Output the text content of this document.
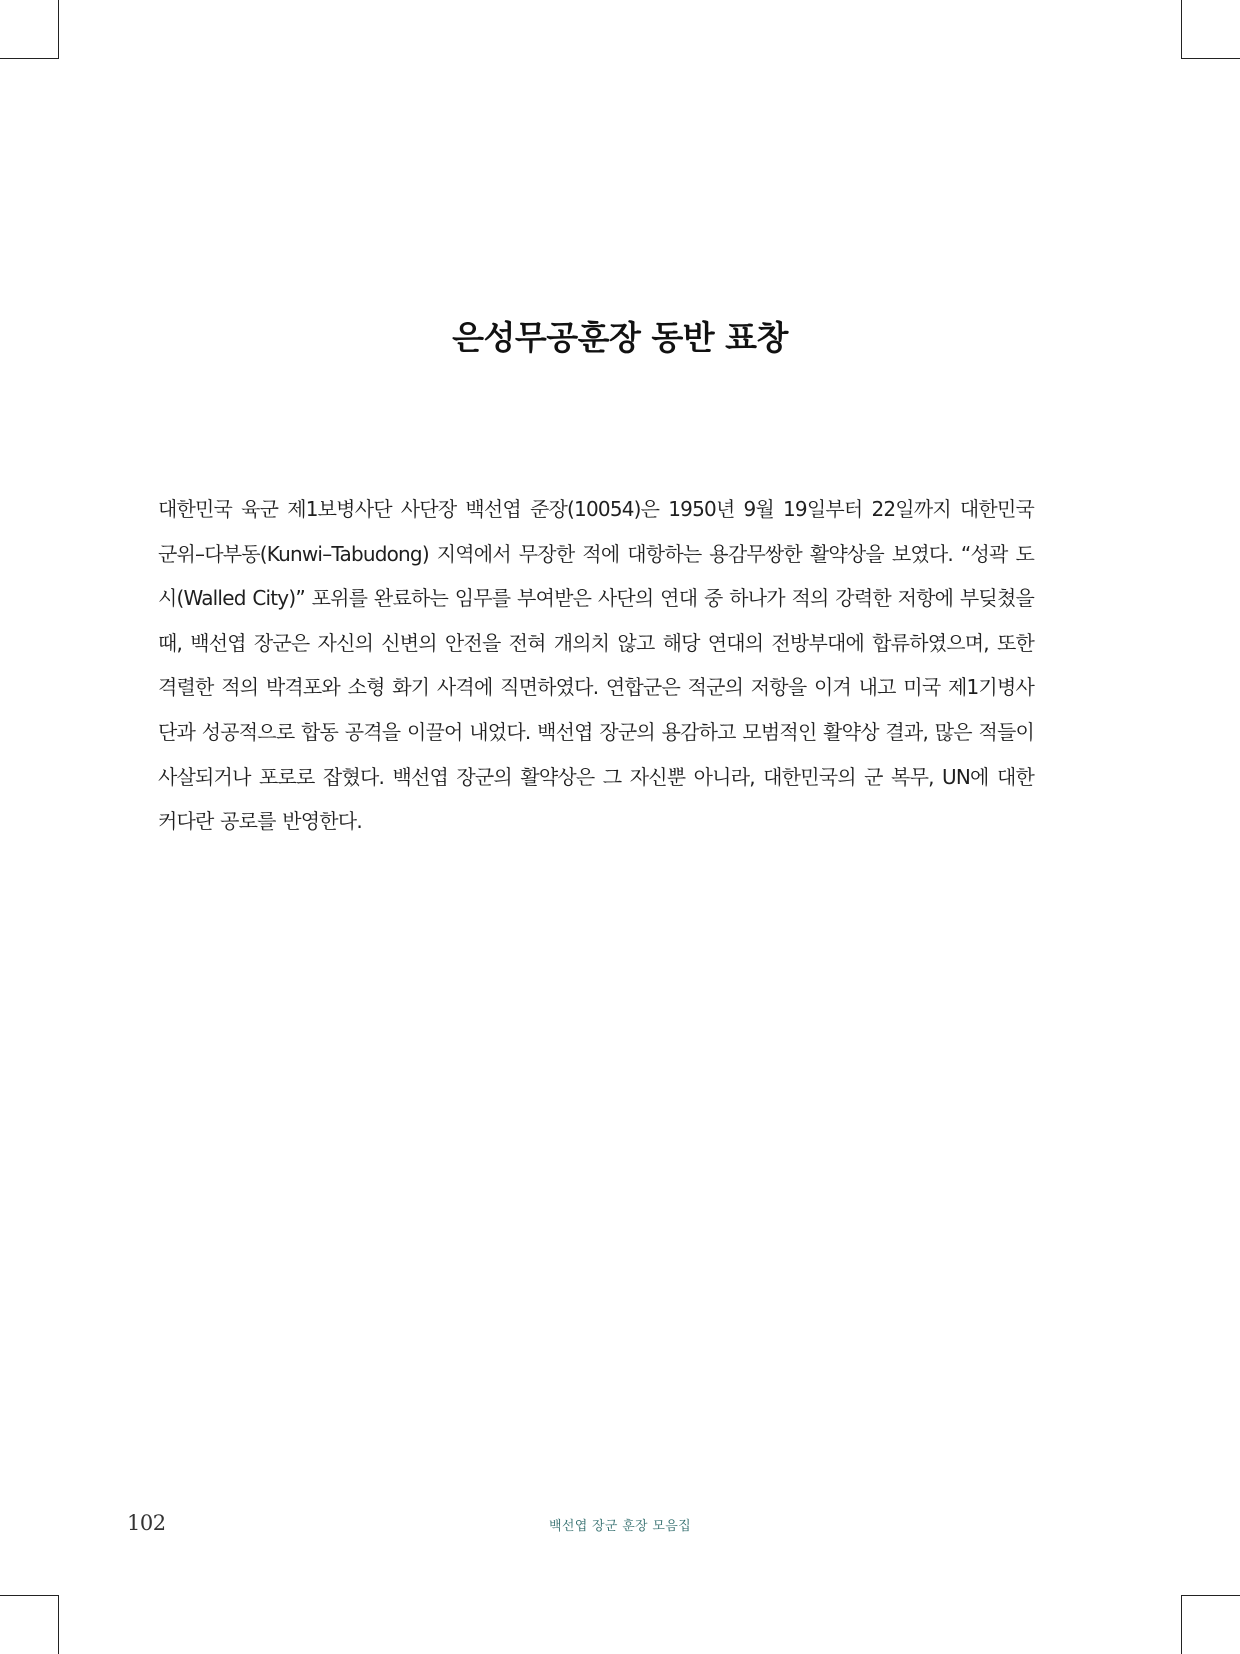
은성무공훈장 동반 표창

대한민국 육군 제1보병사단 사단장 백선엽 준장(10054)은 1950년 9월 19일부터 22일까지 대한민국 군위–다부동(Kunwi–Tabudong) 지역에서 무장한 적에 대항하는 용감무쌍한 활약상을 보였다. “성곽 도시(Walled City)” 포위를 완료하는 임무를 부여받은 사단의 연대 중 하나가 적의 강력한 저항에 부딪쳤을 때, 백선엽 장군은 자신의 신변의 안전을 전혀 개의치 않고 해당 연대의 전방부대에 합류하였으며, 또한 격렬한 적의 박격포와 소형 화기 사격에 직면하였다. 연합군은 적군의 저항을 이겨 내고 미국 제1기병사단과 성공적으로 합동 공격을 이끌어 내었다. 백선엽 장군의 용감하고 모범적인 활약상 결과, 많은 적들이 사살되거나 포로로 잡혔다. 백선엽 장군의 활약상은 그 자신뿐 아니라, 대한민국의 군 복무, UN에 대한 커다란 공로를 반영한다.

102	백선엽 장군 훈장 모음집
